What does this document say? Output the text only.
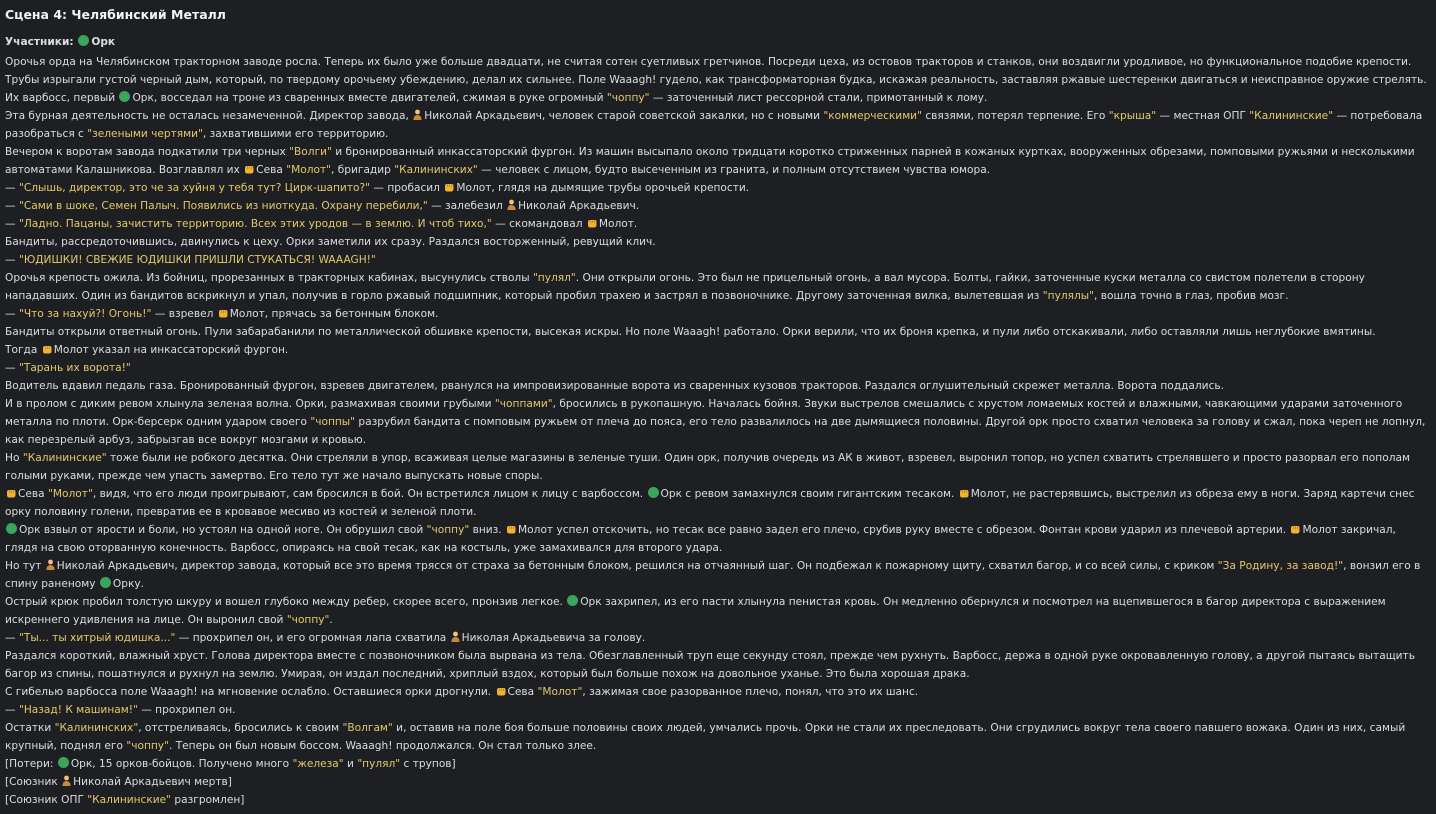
Сцена 4: Челябинский Металл
Участники: Орк

Орочья орда на Челябинском тракторном заводе росла. Теперь их было уже больше двадцати, не считая сотен суетливых гретчинов. Посреди цеха, из остовов тракторов и станков, они воздвигли уродливое, но функциональное подобие крепости. Трубы изрыгали густой черный дым, который, по твердому орочьему убеждению, делал их сильнее. Поле Waaagh! гудело, как трансформаторная будка, искажая реальность, заставляя ржавые шестеренки двигаться и неисправное оружие стрелять. Их варбосс, первый Орк, восседал на троне из сваренных вместе двигателей, сжимая в руке огромный "чоппу" — заточенный лист рессорной стали, примотанный к лому.

Эта бурная деятельность не осталась незамеченной. Директор завода, Николай Аркадьевич, человек старой советской закалки, но с новыми "коммерческими" связями, потерял терпение. Его "крыша" — местная ОПГ "Калининские" — потребовала разобраться с "зелеными чертями", захватившими его территорию.

Вечером к воротам завода подкатили три черных "Волги" и бронированный инкассаторский фургон. Из машин высыпало около тридцати коротко стриженных парней в кожаных куртках, вооруженных обрезами, помповыми ружьями и несколькими автоматами Калашникова. Возглавлял их Сева "Молот", бригадир "Калининских" — человек с лицом, будто высеченным из гранита, и полным отсутствием чувства юмора.

— "Слышь, директор, это че за хуйня у тебя тут? Цирк-шапито?" — пробасил Молот, глядя на дымящие трубы орочьей крепости.

— "Сами в шоке, Семен Палыч. Появились из ниоткуда. Охрану перебили," — залебезил Николай Аркадьевич.

— "Ладно. Пацаны, зачистить территорию. Всех этих уродов — в землю. И чтоб тихо," — скомандовал Молот.

Бандиты, рассредоточившись, двинулись к цеху. Орки заметили их сразу. Раздался восторженный, ревущий клич.

— "ЮДИШКИ! СВЕЖИЕ ЮДИШКИ ПРИШЛИ СТУКАТЬСЯ! WAAAGH!"

Орочья крепость ожила. Из бойниц, прорезанных в тракторных кабинах, высунулись стволы "пулял". Они открыли огонь. Это был не прицельный огонь, а вал мусора. Болты, гайки, заточенные куски металла со свистом полетели в сторону нападавших. Один из бандитов вскрикнул и упал, получив в горло ржавый подшипник, который пробил трахею и застрял в позвоночнике. Другому заточенная вилка, вылетевшая из "пулялы", вошла точно в глаз, пробив мозг.

— "Что за нахуй?! Огонь!" — взревел Молот, прячась за бетонным блоком.

Бандиты открыли ответный огонь. Пули забарабанили по металлической обшивке крепости, высекая искры. Но поле Waaagh! работало. Орки верили, что их броня крепка, и пули либо отскакивали, либо оставляли лишь неглубокие вмятины.

Тогда Молот указал на инкассаторский фургон.

— "Тарань их ворота!"

Водитель вдавил педаль газа. Бронированный фургон, взревев двигателем, рванулся на импровизированные ворота из сваренных кузовов тракторов. Раздался оглушительный скрежет металла. Ворота поддались.

И в пролом с диким ревом хлынула зеленая волна. Орки, размахивая своими грубыми "чоппами", бросились в рукопашную. Началась бойня. Звуки выстрелов смешались с хрустом ломаемых костей и влажными, чавкающими ударами заточенного металла по плоти. Орк-берсерк одним ударом своего "чоппы" разрубил бандита с помповым ружьем от плеча до пояса, его тело развалилось на две дымящиеся половины. Другой орк просто схватил человека за голову и сжал, пока череп не лопнул, как перезрелый арбуз, забрызгав все вокруг мозгами и кровью.

Но "Калининские" тоже были не робкого десятка. Они стреляли в упор, всаживая целые магазины в зеленые туши. Один орк, получив очередь из АК в живот, взревел, выронил топор, но успел схватить стрелявшего и просто разорвал его пополам голыми руками, прежде чем упасть замертво. Его тело тут же начало выпускать новые споры.

Сева "Молот", видя, что его люди проигрывают, сам бросился в бой. Он встретился лицом к лицу с варбоссом. Орк с ревом замахнулся своим гигантским тесаком. Молот, не растерявшись, выстрелил из обреза ему в ноги. Заряд картечи снес орку половину голени, превратив ее в кровавое месиво из костей и зеленой плоти.

Орк взвыл от ярости и боли, но устоял на одной ноге. Он обрушил свой "чоппу" вниз. Молот успел отскочить, но тесак все равно задел его плечо, срубив руку вместе с обрезом. Фонтан крови ударил из плечевой артерии. Молот закричал, глядя на свою оторванную конечность. Варбосс, опираясь на свой тесак, как на костыль, уже замахивался для второго удара.

Но тут Николай Аркадьевич, директор завода, который все это время трясся от страха за бетонным блоком, решился на отчаянный шаг. Он подбежал к пожарному щиту, схватил багор, и со всей силы, с криком "За Родину, за завод!", вонзил его в спину раненому Орку.

Острый крюк пробил толстую шкуру и вошел глубоко между ребер, скорее всего, пронзив легкое. Орк захрипел, из его пасти хлынула пенистая кровь. Он медленно обернулся и посмотрел на вцепившегося в багор директора с выражением искреннего удивления на лице. Он выронил свой "чоппу".

— "Ты... ты хитрый юдишка..." — прохрипел он, и его огромная лапа схватила Николая Аркадьевича за голову.

Раздался короткий, влажный хруст. Голова директора вместе с позвоночником была вырвана из тела. Обезглавленный труп еще секунду стоял, прежде чем рухнуть. Варбосс, держа в одной руке окровавленную голову, а другой пытаясь вытащить багор из спины, пошатнулся и рухнул на землю. Умирая, он издал последний, хриплый вздох, который был больше похож на довольное уханье. Это была хорошая драка.

С гибелью варбосса поле Waaagh! на мгновение ослабло. Оставшиеся орки дрогнули. Сева "Молот", зажимая свое разорванное плечо, понял, что это их шанс.

— "Назад! К машинам!" — прохрипел он.

Остатки "Калининских", отстреливаясь, бросились к своим "Волгам" и, оставив на поле боя больше половины своих людей, умчались прочь. Орки не стали их преследовать. Они сгрудились вокруг тела своего павшего вожака. Один из них, самый крупный, поднял его "чоппу". Теперь он был новым боссом. Waaagh! продолжался. Он стал только злее.

[Потери: Орк, 15 орков-бойцов. Получено много "железа" и "пулял" с трупов]

[Союзник Николай Аркадьевич мертв]

[Союзник ОПГ "Калининские" разгромлен]
